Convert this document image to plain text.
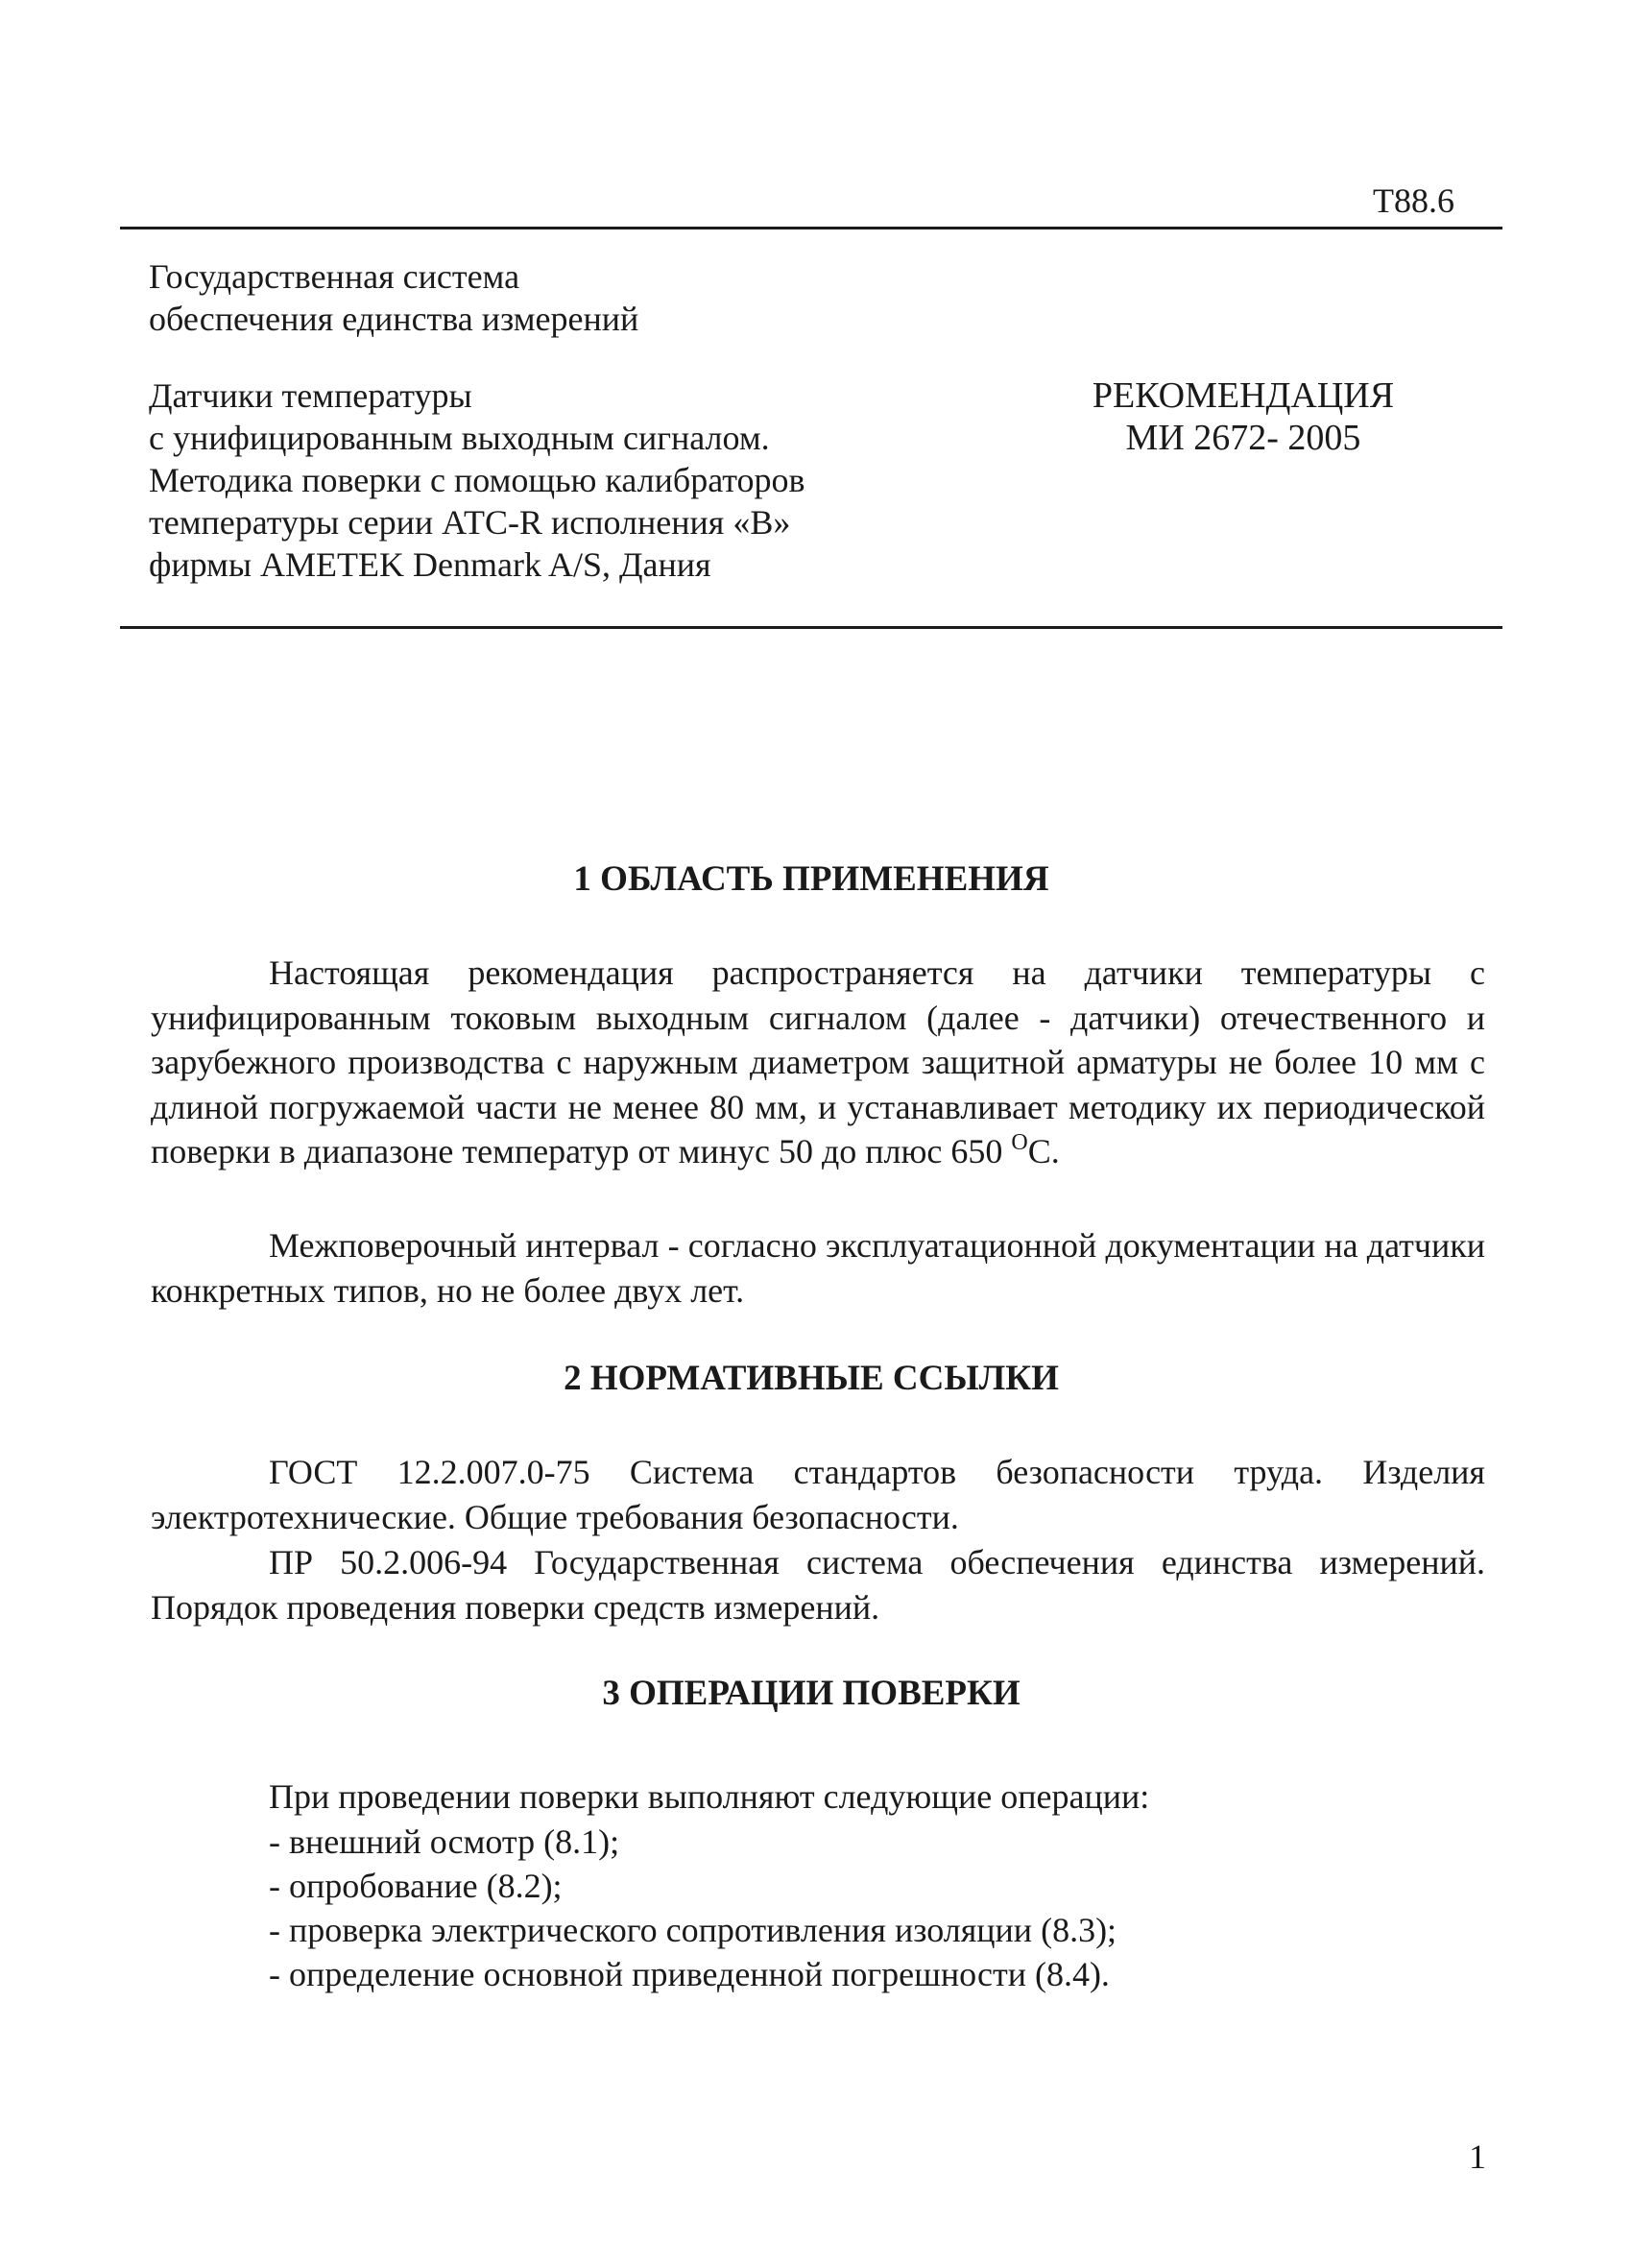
Т88.6
Государственная система
обеспечения единства измерений
Датчики температуры
с унифицированным выходным сигналом.
Методика поверки с помощью калибраторов
температуры серии АТС-R исполнения «В»
фирмы AMETEK Denmark A/S, Дания
РЕКОМЕНДАЦИЯ
МИ 2672- 2005
1 ОБЛАСТЬ ПРИМЕНЕНИЯ

Настоящая рекомендация распространяется на датчики температуры с унифицированным токовым выходным сигналом (далее - датчики) отечественного и зарубежного производства с наружным диаметром защитной арматуры не более 10 мм с длиной погружаемой части не менее 80 мм, и устанавливает методику их периодической поверки в диапазоне температур от минус 50 до плюс 650 $^О$С.

Межповерочный интервал - согласно эксплуатационной документации на датчики конкретных типов, но не более двух лет.

2 НОРМАТИВНЫЕ ССЫЛКИ

ГОСТ 12.2.007.0-75 Система стандартов безопасности труда. Изделия электротехнические. Общие требования безопасности.

ПР 50.2.006-94 Государственная система обеспечения единства измерений. Порядок проведения поверки средств измерений.

3 ОПЕРАЦИИ ПОВЕРКИ
При проведении поверки выполняют следующие операции:
- внешний осмотр (8.1);
- опробование (8.2);
- проверка электрического сопротивления изоляции (8.3);
- определение основной приведенной погрешности (8.4).
1
